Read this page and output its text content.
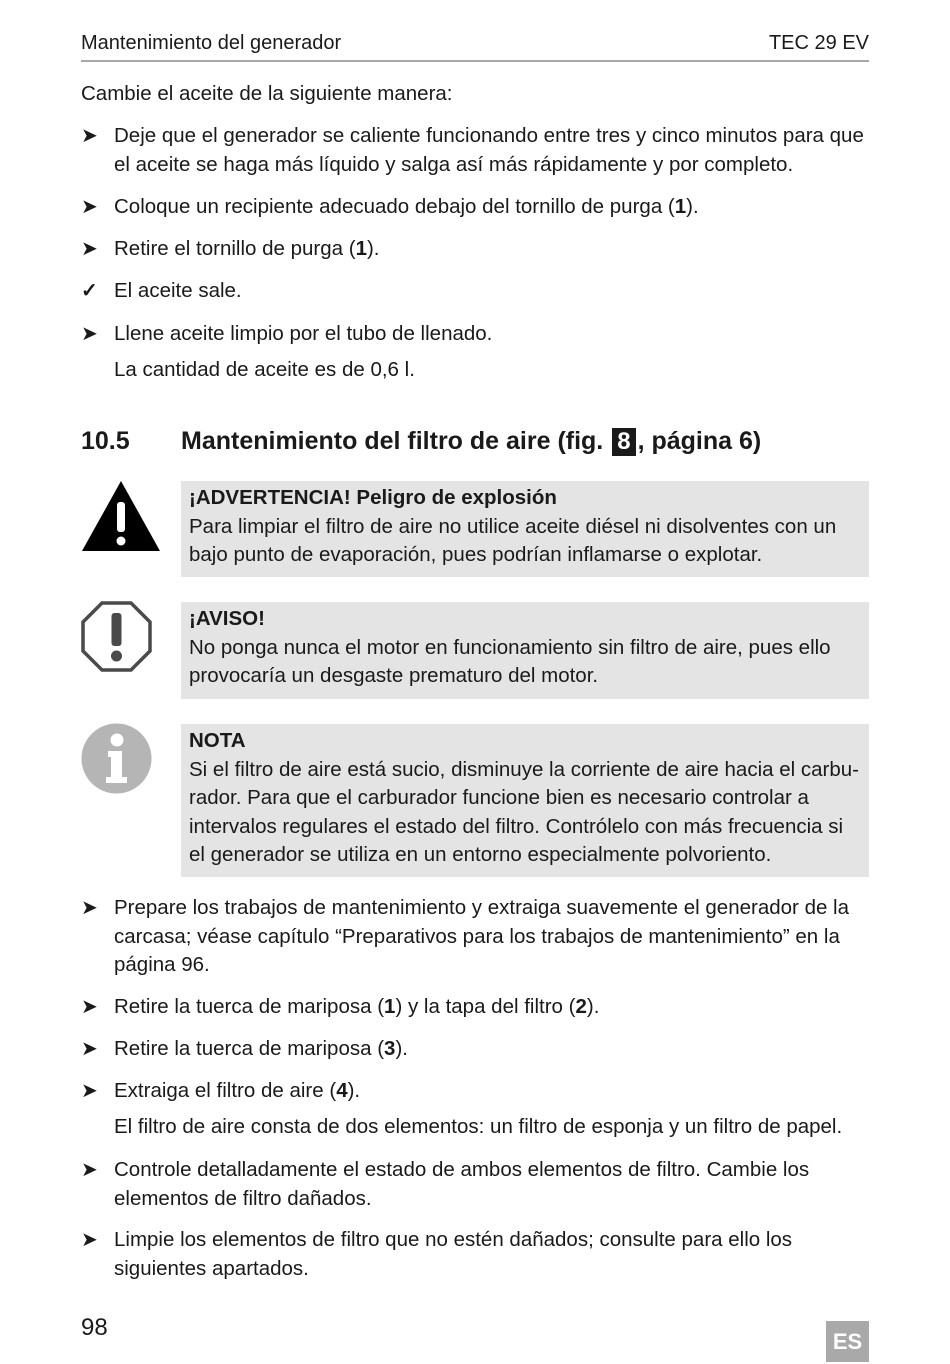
Mantenimiento del generador	TEC 29 EV
Cambie el aceite de la siguiente manera:
➤ Deje que el generador se caliente funcionando entre tres y cinco minutos para que el aceite se haga más líquido y salga así más rápidamente y por completo.
➤ Coloque un recipiente adecuado debajo del tornillo de purga (1).
➤ Retire el tornillo de purga (1).
✓ El aceite sale.
➤ Llene aceite limpio por el tubo de llenado.
La cantidad de aceite es de 0,6 l.
10.5 Mantenimiento del filtro de aire (fig. 8 , página 6)
¡ADVERTENCIA! Peligro de explosión
Para limpiar el filtro de aire no utilice aceite diésel ni disolventes con un bajo punto de evaporación, pues podrían inflamarse o explotar.
¡AVISO!
No ponga nunca el motor en funcionamiento sin filtro de aire, pues ello provocaría un desgaste prematuro del motor.
NOTA
Si el filtro de aire está sucio, disminuye la corriente de aire hacia el carbu-rador. Para que el carburador funcione bien es necesario controlar a intervalos regulares el estado del filtro. Contrólelo con más frecuencia si el generador se utiliza en un entorno especialmente polvoriento.
➤ Prepare los trabajos de mantenimiento y extraiga suavemente el generador de la carcasa; véase capítulo “Preparativos para los trabajos de mantenimiento” en la página 96.
➤ Retire la tuerca de mariposa (1) y la tapa del filtro (2).
➤ Retire la tuerca de mariposa (3).
➤ Extraiga el filtro de aire (4).
El filtro de aire consta de dos elementos: un filtro de esponja y un filtro de papel.
➤ Controle detalladamente el estado de ambos elementos de filtro. Cambie los elementos de filtro dañados.
➤ Limpie los elementos de filtro que no estén dañados; consulte para ello los siguientes apartados.
98
ES
